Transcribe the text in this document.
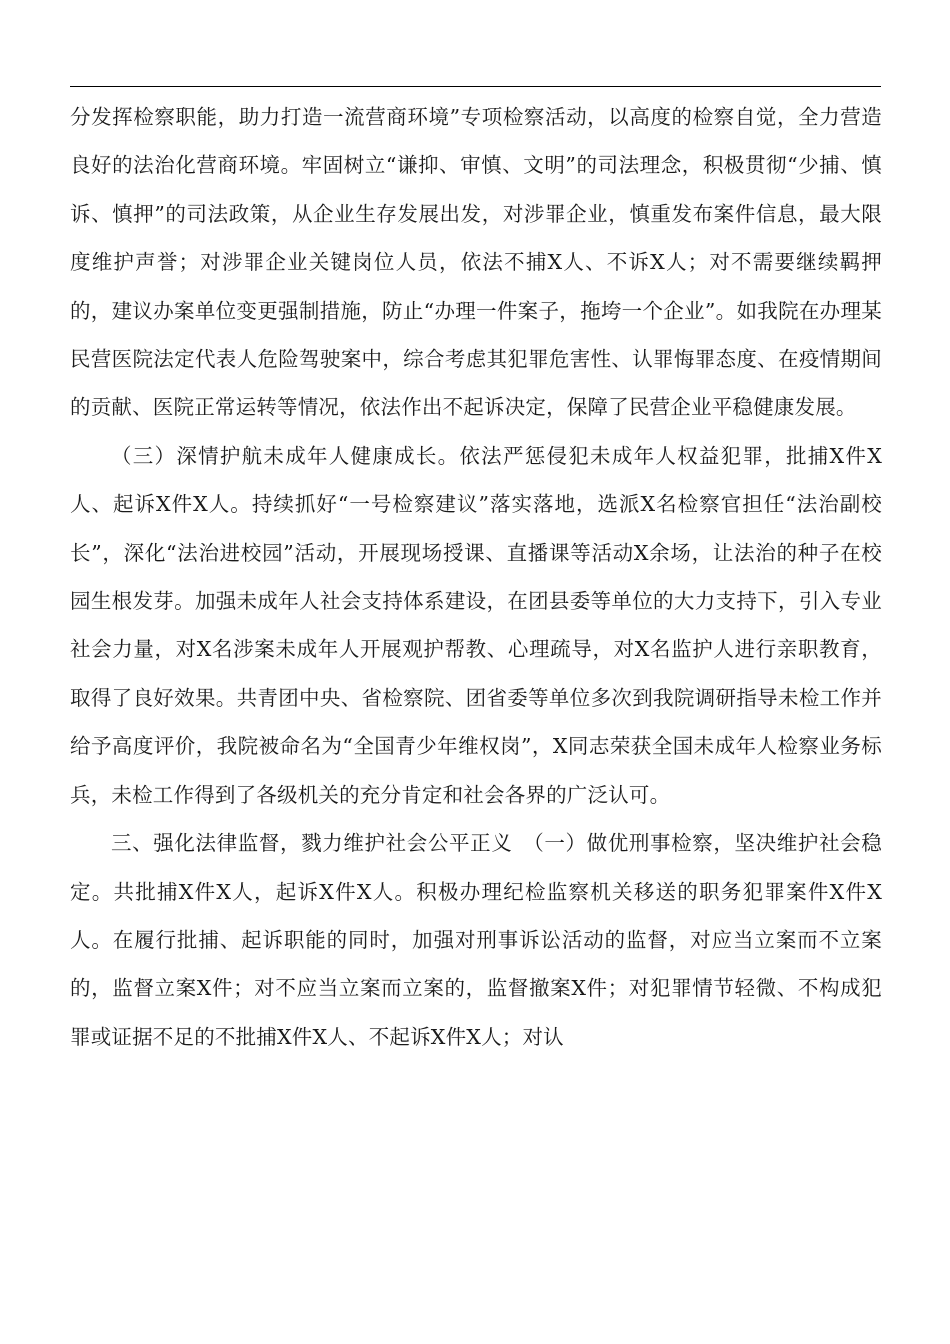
分发挥检察职能，助力打造一流营商环境”专项检察活动，以高度的检察自觉，全力营造良好的法治化营商环境。牢固树立“谦抑、审慎、文明”的司法理念，积极贯彻“少捕、慎诉、慎押”的司法政策，从企业生存发展出发，对涉罪企业，慎重发布案件信息，最大限度维护声誉；对涉罪企业关键岗位人员，依法不捕X人、不诉X人；对不需要继续羁押的，建议办案单位变更强制措施，防止“办理一件案子，拖垮一个企业”。如我院在办理某民营医院法定代表人危险驾驶案中，综合考虑其犯罪危害性、认罪悔罪态度、在疫情期间的贡献、医院正常运转等情况，依法作出不起诉决定，保障了民营企业平稳健康发展。

（三）深情护航未成年人健康成长。依法严惩侵犯未成年人权益犯罪，批捕X件X人、起诉X件X人。持续抓好“一号检察建议”落实落地，选派X名检察官担任“法治副校长”，深化“法治进校园”活动，开展现场授课、直播课等活动X余场，让法治的种子在校园生根发芽。加强未成年人社会支持体系建设，在团县委等单位的大力支持下，引入专业社会力量，对X名涉案未成年人开展观护帮教、心理疏导，对X名监护人进行亲职教育，取得了良好效果。共青团中央、省检察院、团省委等单位多次到我院调研指导未检工作并给予高度评价，我院被命名为“全国青少年维权岗”，X同志荣获全国未成年人检察业务标兵，未检工作得到了各级机关的充分肯定和社会各界的广泛认可。

三、强化法律监督，戮力维护社会公平正义　（一）做优刑事检察，坚决维护社会稳定。共批捕X件X人，起诉X件X人。积极办理纪检监察机关移送的职务犯罪案件X件X人。在履行批捕、起诉职能的同时，加强对刑事诉讼活动的监督，对应当立案而不立案的，监督立案X件；对不应当立案而立案的，监督撤案X件；对犯罪情节轻微、不构成犯罪或证据不足的不批捕X件X人、不起诉X件X人；对认
